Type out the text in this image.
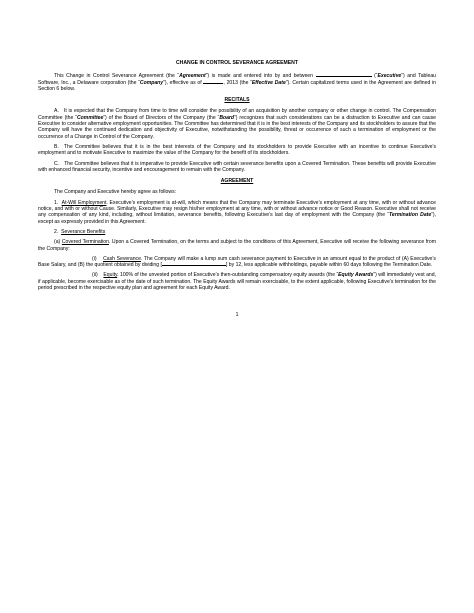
CHANGE IN CONTROL SEVERANCE AGREEMENT

This Change in Control Severance Agreement (the “Agreement”) is made and entered into by and between	(“Executive”) and Tableau Software, Inc., a Delaware corporation (the “Company”), effective as of	, 2013 (the “Effective Date”). Certain capitalized terms used in the Agreement are defined in Section 6 below.

RECITALS

A. It is expected that the Company from time to time will consider the possibility of an acquisition by another company or other change in control. The Compensation Committee (the “Committee”) of the Board of Directors of the Company (the “Board”) recognizes that such considerations can be a distraction to Executive and can cause Executive to consider alternative employment opportunities. The Committee has determined that it is in the best interests of the Company and its stockholders to assure that the Company will have the continued dedication and objectivity of Executive, notwithstanding the possibility, threat or occurrence of such a termination of employment or the occurrence of a Change in Control of the Company.

B. The Committee believes that it is in the best interests of the Company and its stockholders to provide Executive with an incentive to continue Executive’s employment and to motivate Executive to maximize the value of the Company for the benefit of its stockholders.

C. The Committee believes that it is imperative to provide Executive with certain severance benefits upon a Covered Termination. These benefits will provide Executive with enhanced financial security, incentive and encouragement to remain with the Company.

AGREEMENT

The Company and Executive hereby agree as follows:

1. At-Will Employment. Executive’s employment is at-will, which means that the Company may terminate Executive’s employment at any time, with or without advance notice, and with or without Cause. Similarly, Executive may resign his/her employment at any time, with or without advance notice or Good Reason. Executive shall not receive any compensation of any kind, including, without limitation, severance benefits, following Executive’s last day of employment with the Company (the “Termination Date”), except as expressly provided in this Agreement.

2. Severance Benefits

(a) Covered Termination. Upon a Covered Termination, on the terms and subject to the conditions of this Agreement, Executive will receive the following severance from the Company:

(i) Cash Severance. The Company will make a lump sum cash severance payment to Executive in an amount equal to the product of (A) Executive’s Base Salary, and (B) the quotient obtained by dividing [	] by 12, less applicable withholdings, payable within 60 days following the Termination Date.

(ii) Equity. 100% of the unvested portion of Executive’s then-outstanding compensatory equity awards (the “Equity Awards”) will immediately vest and, if applicable, become exercisable as of the date of such termination. The Equity Awards will remain exercisable, to the extent applicable, following Executive’s termination for the period prescribed in the respective equity plan and agreement for each Equity Award.

1
